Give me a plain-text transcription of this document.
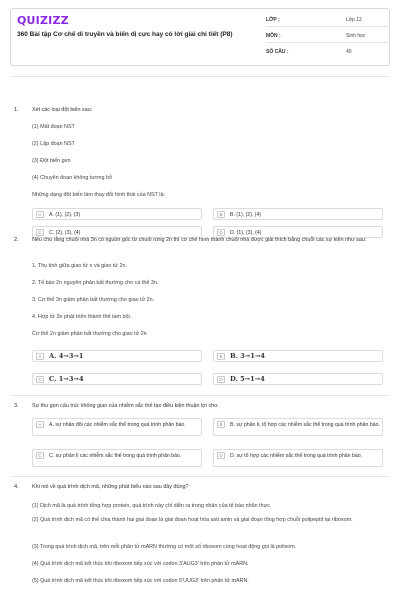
QUIZIZZ
360 Bài tập Cơ chế di truyền và biến dị cực hay có lời giải chi tiết (P8)
LỚP :	Lớp 12
MÔN :	Sinh học
SỐ CÂU :	40
1. Xét các loại đột biến sau:
(1) Mất đoạn NST
(2) Lặp đoạn NST
(3) Đột biến gen
(4) Chuyển đoạn không tương hỗ
Những dạng đột biến làm thay đổi hình thái của NST là:
A	A. (1), (2), (3)	B	B. (1), (2), (4)
C	C. (2), (3), (4)	D	D. (1), (3), (4)
2. Nếu cho rằng chuối nhà 3n có nguồn gốc từ chuối rừng 2n thì cơ chế hình thành chuối nhà được giải thích bằng chuỗi các sự kiện như sau:
1. Thụ tinh giữa giao tử n và giao tử 2n.
2. Tế bào 2n nguyên phân bất thường cho cá thể 3n.
3. Cơ thể 3n giảm phân bất thường cho giao tử 2n.
4. Hợp tử 3n phát triển thành thể tam bội.
Cơ thể 2n giảm phân bất thường cho giao tử 2n
A	A. 4→3→1	B	B. 3→1→4
C	C. 1→3→4	D	D. 5→1→4
3. Sự thu gọn cấu trúc không gian của nhiễm sắc thể tạo điều kiện thuận lợi cho:
A	A. sự nhân đôi các nhiễm sắc thể trong quá trình phân bào.	B	B. sự phân li, tổ hợp các nhiễm sắc thể trong quá trình phân bào.
C	C. sự phân li các nhiễm sắc thể trong quá trình phân bào.	D	D. sự tổ hợp các nhiễm sắc thể trong quá trình phân bào.
4. Khi nói về quá trình dịch mã, những phát biểu nào sau đây đúng?
(1) Dịch mã là quá trình tổng hợp protein, quá trình này chỉ diễn ra trong nhân của tế bào nhân thực.
(2) Quá trình dịch mã có thể chia thành hai giai đoạn là giai đoạn hoạt hóa axit amin và giai đoạn tổng hợp chuỗi polipeptit tại riboxom.
(3) Trong quá trình dịch mã, trên mỗi phân tử mARN thường có một số riboxom cùng hoạt động gọi là polixom.
(4) Quá trình dịch mã kết thúc khi riboxom tiếp xúc với codon 3'AUG3' trên phân tử mARN.
(5) Quá trình dịch mã kết thúc khi riboxom tiếp xúc với codon 5'UUG3' trên phân tử mARN.
